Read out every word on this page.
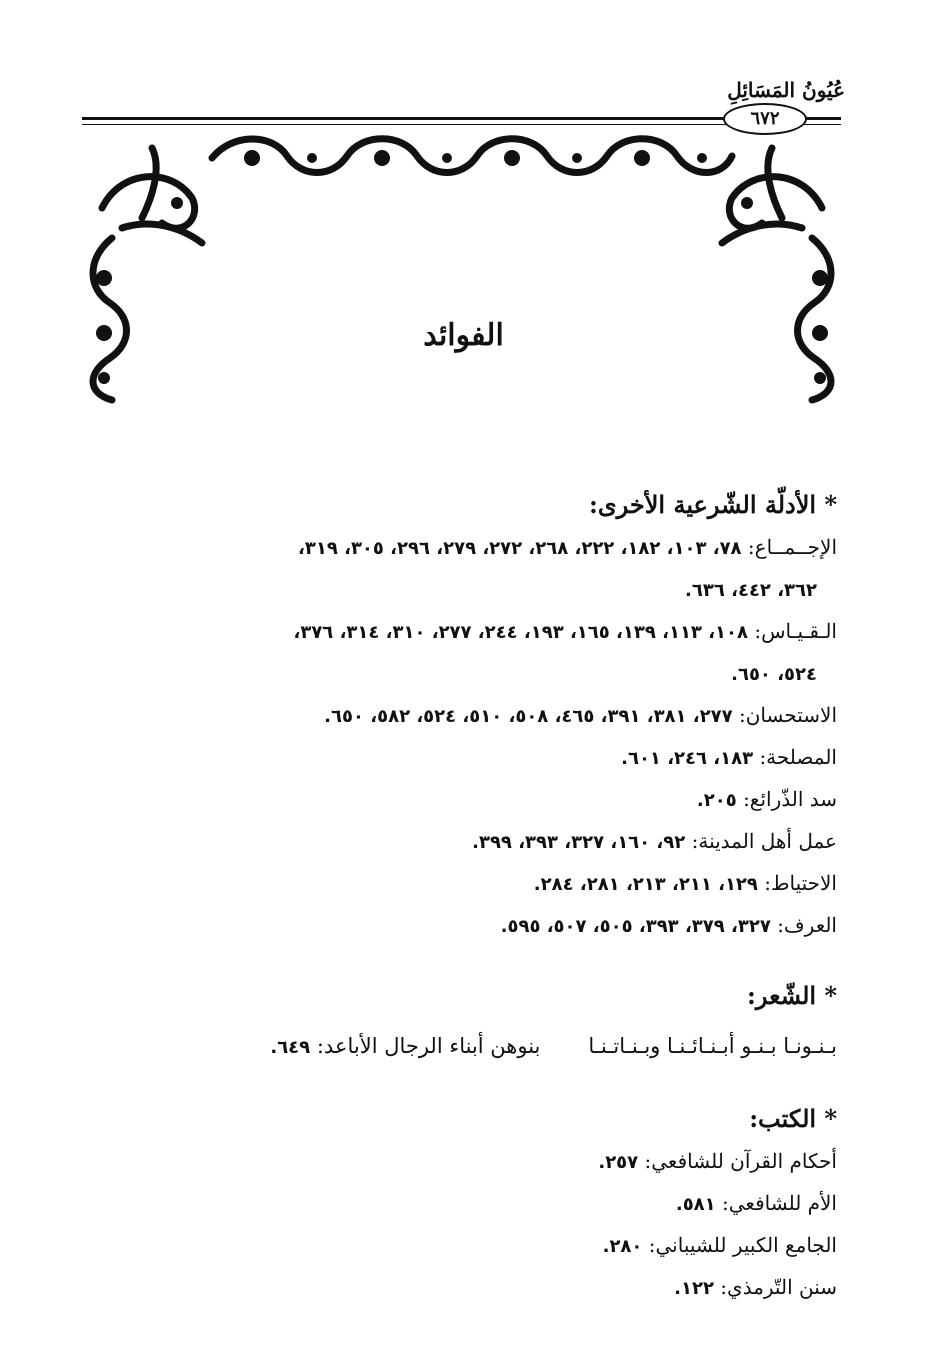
عُيُونُ المَسَائِلِ
٦٧٢
الفوائد

* الأدلّة الشّرعية الأخرى:

الإجــمــاع: ٧٨، ١٠٣، ١٨٢، ٢٢٢، ٢٦٨، ٢٧٢، ٢٧٩، ٢٩٦، ٣٠٥، ٣١٩،

٣٦٢، ٤٤٢، ٦٣٦.

الـقـيـاس: ١٠٨، ١١٣، ١٣٩، ١٦٥، ١٩٣، ٢٤٤، ٢٧٧، ٣١٠، ٣١٤، ٣٧٦،

٥٢٤، ٦٥٠.

الاستحسان: ٢٧٧، ٣٨١، ٣٩١، ٤٦٥، ٥٠٨، ٥١٠، ٥٢٤، ٥٨٢، ٦٥٠.

المصلحة: ١٨٣، ٢٤٦، ٦٠١.

سد الذّرائع: ٢٠٥.

عمل أهل المدينة: ٩٢، ١٦٠، ٣٢٧، ٣٩٣، ٣٩٩.

الاحتياط: ١٢٩، ٢١١، ٢١٣، ٢٨١، ٢٨٤.

العرف: ٣٢٧، ٣٧٩، ٣٩٣، ٥٠٥، ٥٠٧، ٥٩٥.

* الشّعر:

بـنـونـا بـنـو أبـنـائـنـا وبـنـاتـنـا
بنوهن أبناء الرجال الأباعد: ٦٤٩.

* الكتب:

أحكام القرآن للشافعي: ٢٥٧.

الأم للشافعي: ٥٨١.

الجامع الكبير للشيباني: ٢٨٠.

سنن التّرمذي: ١٢٢.
